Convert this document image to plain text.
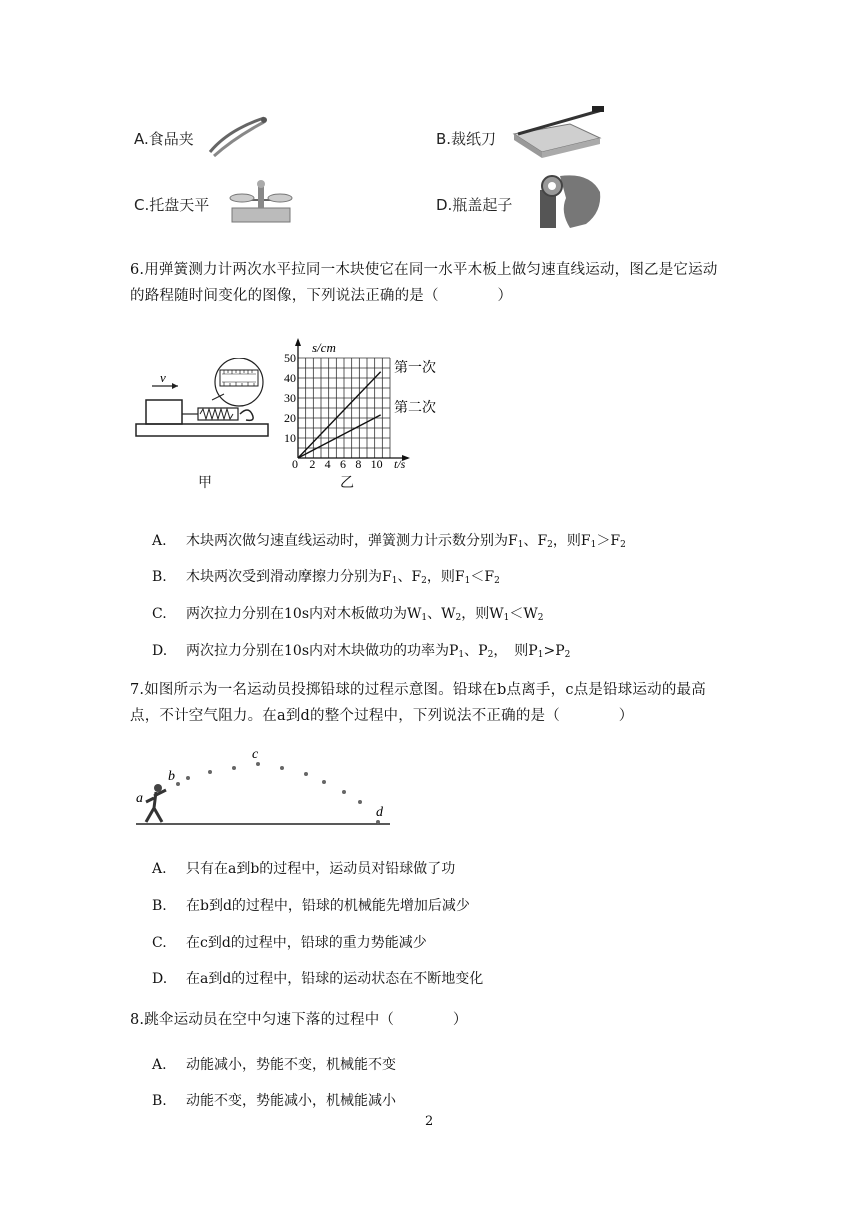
A.食品夹	B.裁纸刀
C.托盘天平	D.瓶盖起子
6.用弹簧测力计两次水平拉同一木块使它在同一水平木板上做匀速直线运动，图乙是它运动
的路程随时间变化的图像，下列说法正确的是（　　　　）
v
甲
2 4 6 8 10
10
20
30
40
50
s/cm
t/s
0
第一次
第二次
乙
A. 木块两次做匀速直线运动时，弹簧测力计示数分别为$F_1$、$F_2$，则$F_1>F_2$
B. 木块两次受到滑动摩擦力分别为$F_1$、$F_2$，则$F_1<F_2$
C. 两次拉力分别在10s内对木板做功为$W_1$、$W_2$，则$W_1<W_2$
D. 两次拉力分别在10s内对木块做功的功率为$P_1$、$P_2$，　则$P_1>P_2$
7.如图所示为一名运动员投掷铅球的过程示意图。铅球在b点离手，c点是铅球运动的最高
点，不计空气阻力。在a到d的整个过程中，下列说法不正确的是（　　　　）
a
b
c
d
A. 只有在a到b的过程中，运动员对铅球做了功
B. 在b到d的过程中，铅球的机械能先增加后减少
C. 在c到d的过程中，铅球的重力势能减少
D. 在a到d的过程中，铅球的运动状态在不断地变化
8.跳伞运动员在空中匀速下落的过程中（　　　　）
A. 动能减小，势能不变，机械能不变
B. 动能不变，势能减小，机械能减小
2
